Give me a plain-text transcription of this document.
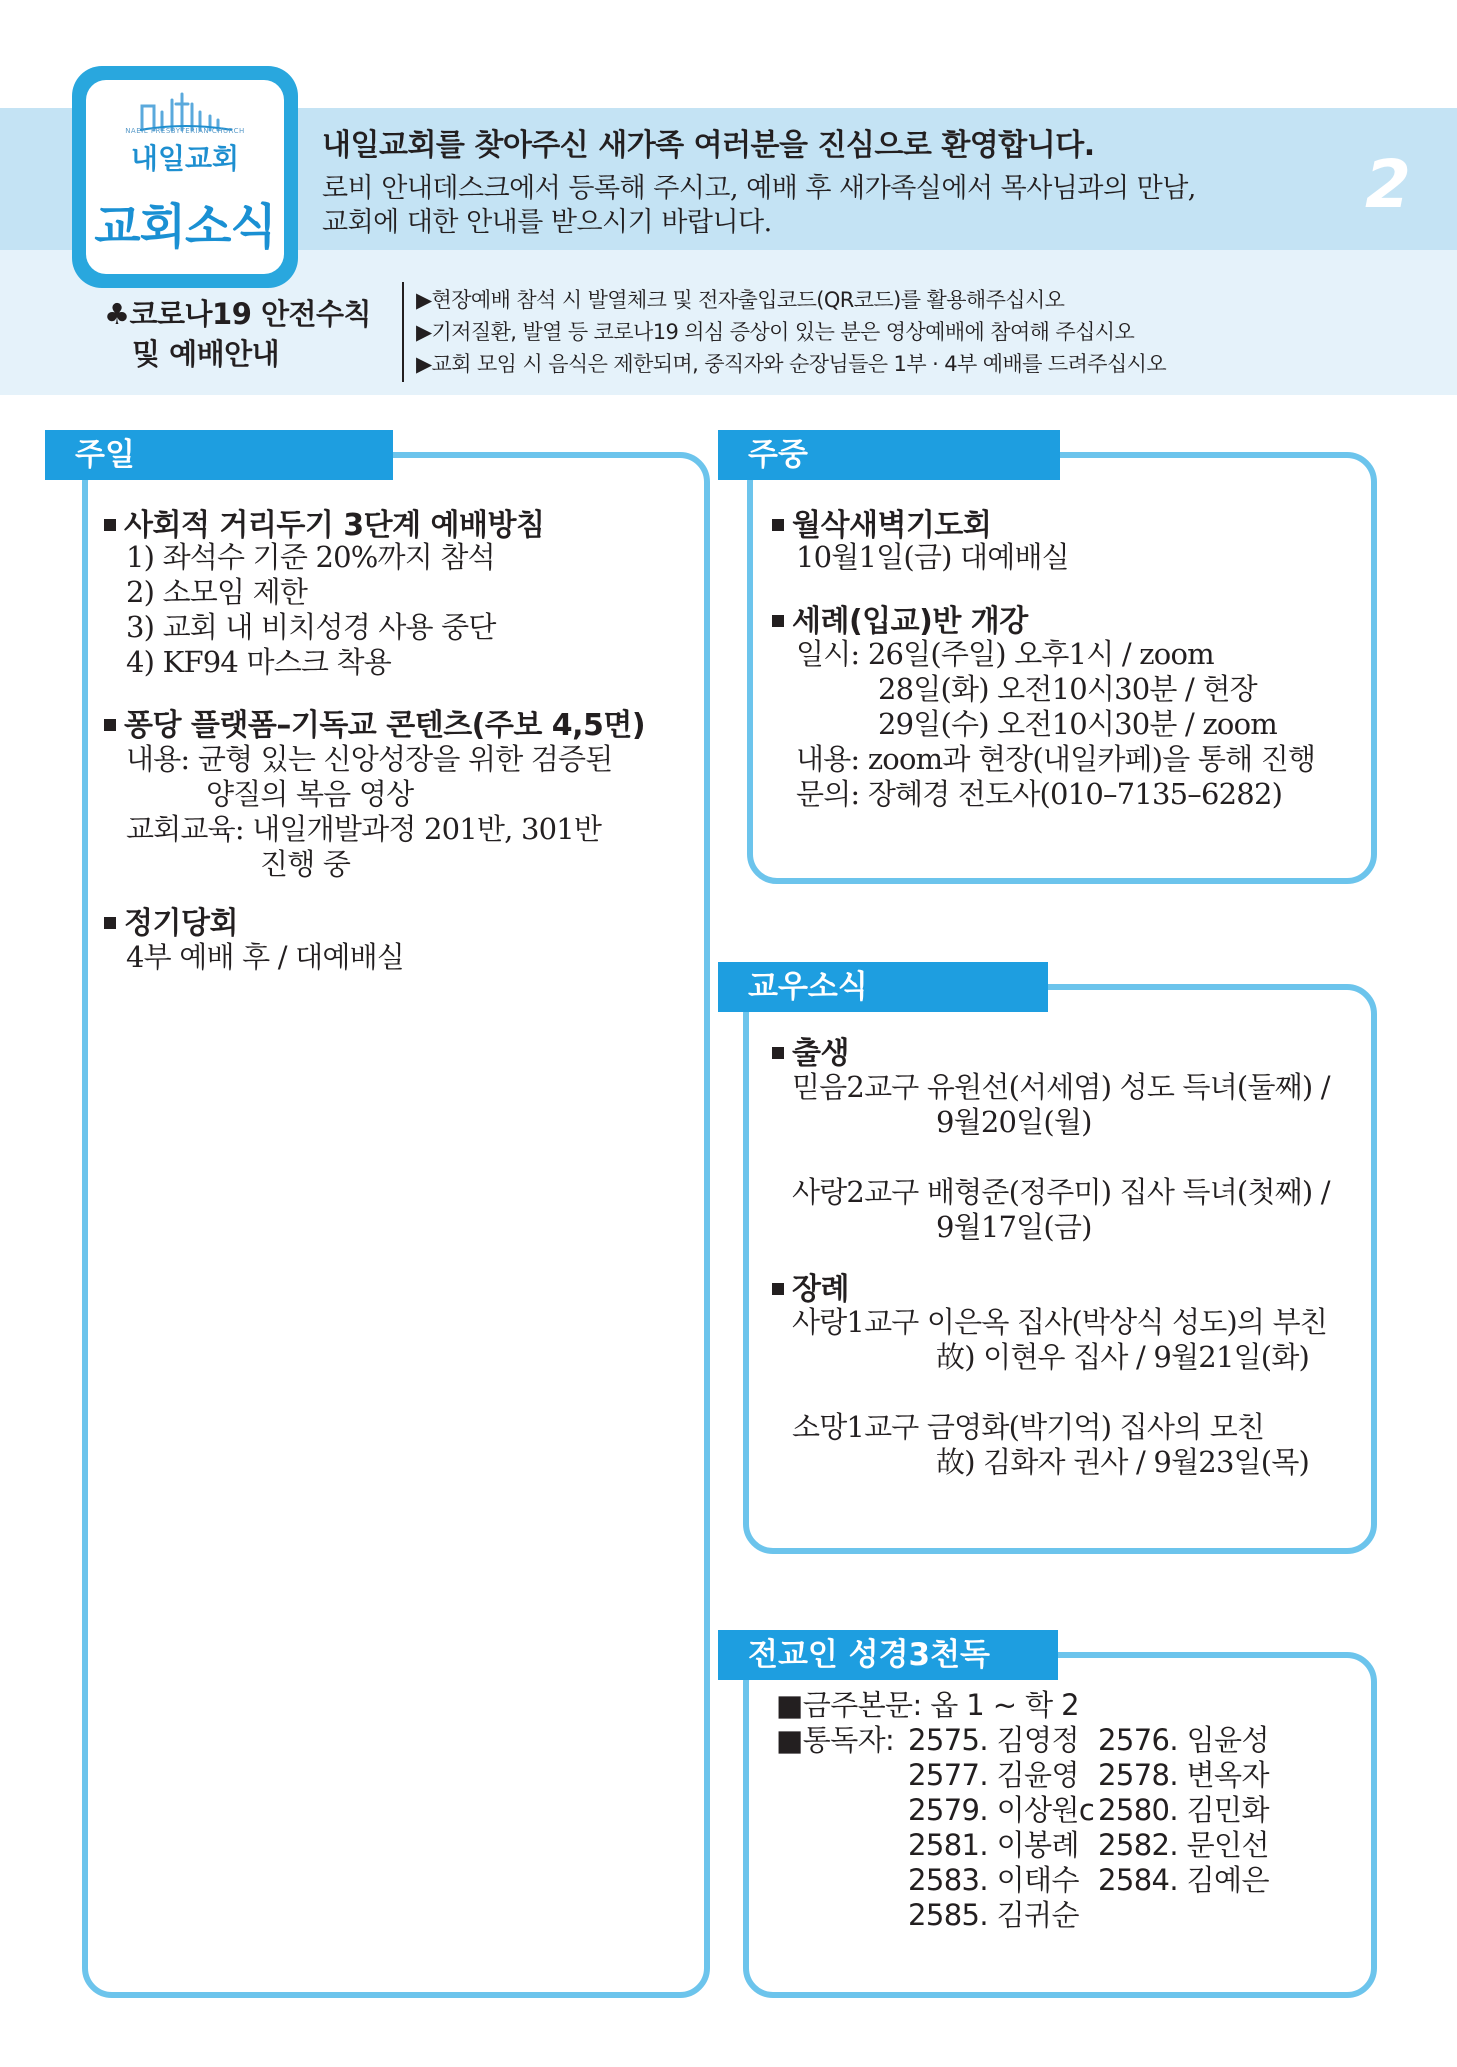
NAEIL PRESBYTERIAN CHURCH
내일교회
교회소식
내일교회를 찾아주신 새가족 여러분을 진심으로 환영합니다.
로비 안내데스크에서 등록해 주시고, 예배 후 새가족실에서 목사님과의 만남,
교회에 대한 안내를 받으시기 바랍니다.	2
♣코로나19 안전수칙
및 예배안내
▶현장예배 참석 시 발열체크 및 전자출입코드(QR코드)를 활용해주십시오
▶기저질환, 발열 등 코로나19 의심 증상이 있는 분은 영상예배에 참여해 주십시오
▶교회 모임 시 음식은 제한되며, 중직자와 순장님들은 1부 · 4부 예배를 드려주십시오
주일
사회적 거리두기 3단계 예배방침
1) 좌석수 기준 20%까지 참석
2) 소모임 제한
3) 교회 내 비치성경 사용 중단
4) KF94 마스크 착용
퐁당 플랫폼–기독교 콘텐츠(주보 4,5면)
내용: 균형 있는 신앙성장을 위한 검증된
양질의 복음 영상
교회교육: 내일개발과정 201반, 301반
진행 중
정기당회
4부 예배 후 / 대예배실
주중
월삭새벽기도회
10월1일(금) 대예배실
세례(입교)반 개강
일시: 26일(주일) 오후1시 / zoom
28일(화) 오전10시30분 / 현장
29일(수) 오전10시30분 / zoom
내용: zoom과 현장(내일카페)을 통해 진행
문의: 장혜경 전도사(010–7135–6282)
교우소식
출생
믿음2교구 유원선(서세염) 성도 득녀(둘째) /
9월20일(월)
사랑2교구 배형준(정주미) 집사 득녀(첫째) /
9월17일(금)
장례
사랑1교구 이은옥 집사(박상식 성도)의 부친
故) 이현우 집사 / 9월21일(화)
소망1교구 금영화(박기억) 집사의 모친
故) 김화자 권사 / 9월23일(목)
전교인 성경3천독
■금주본문: 옵 1 ~ 학 2
■통독자: 2575. 김영정 2576. 임윤성
2577. 김윤영 2578. 변옥자
2579. 이상원c 2580. 김민화
2581. 이봉례 2582. 문인선
2583. 이태수 2584. 김예은
2585. 김귀순
